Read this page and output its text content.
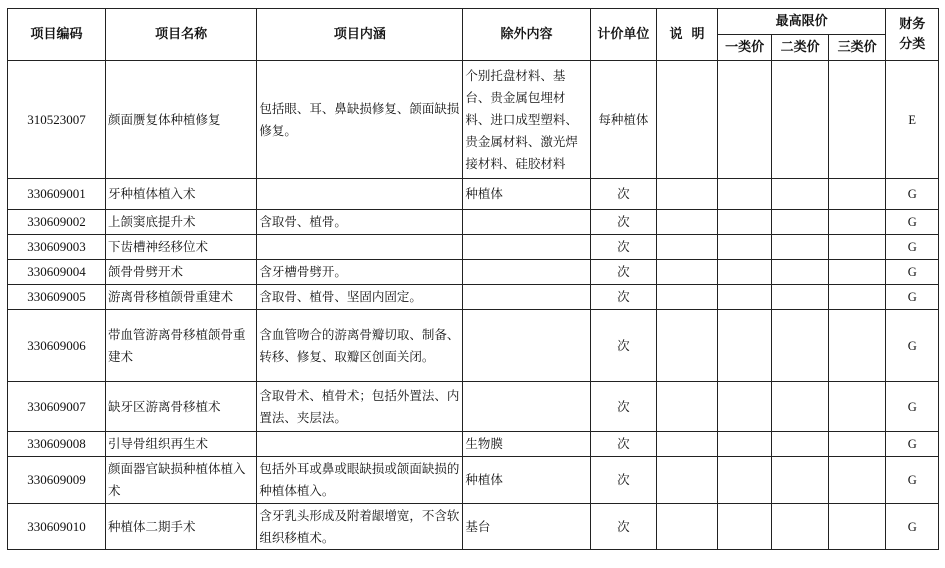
项目编码	项目名称	项目内涵	除外内容	计价单位	说  明	最高限价			财务分类
						一类价	二类价	三类价	
310523007	颜面赝复体种植修复	包括眼、耳、鼻缺损修复、颌面缺损修复。	个别托盘材料、基台、贵金属包埋材料、进口成型塑料、贵金属材料、激光焊接材料、硅胶材料	每种植体					E
330609001	牙种植体植入术		种植体	次					G
330609002	上颌窦底提升术	含取骨、植骨。		次					G
330609003	下齿槽神经移位术			次					G
330609004	颌骨骨劈开术	含牙槽骨劈开。		次					G
330609005	游离骨移植颌骨重建术	含取骨、植骨、坚固内固定。		次					G
330609006	带血管游离骨移植颌骨重建术	含血管吻合的游离骨瓣切取、制备、转移、修复、取瓣区创面关闭。		次					G
330609007	缺牙区游离骨移植术	含取骨术、植骨术；包括外置法、内置法、夹层法。		次					G
330609008	引导骨组织再生术		生物膜	次					G
330609009	颜面器官缺损种植体植入术	包括外耳或鼻或眼缺损或颌面缺损的种植体植入。	种植体	次					G
330609010	种植体二期手术	含牙乳头形成及附着龈增宽，不含软组织移植术。	基台	次					G
